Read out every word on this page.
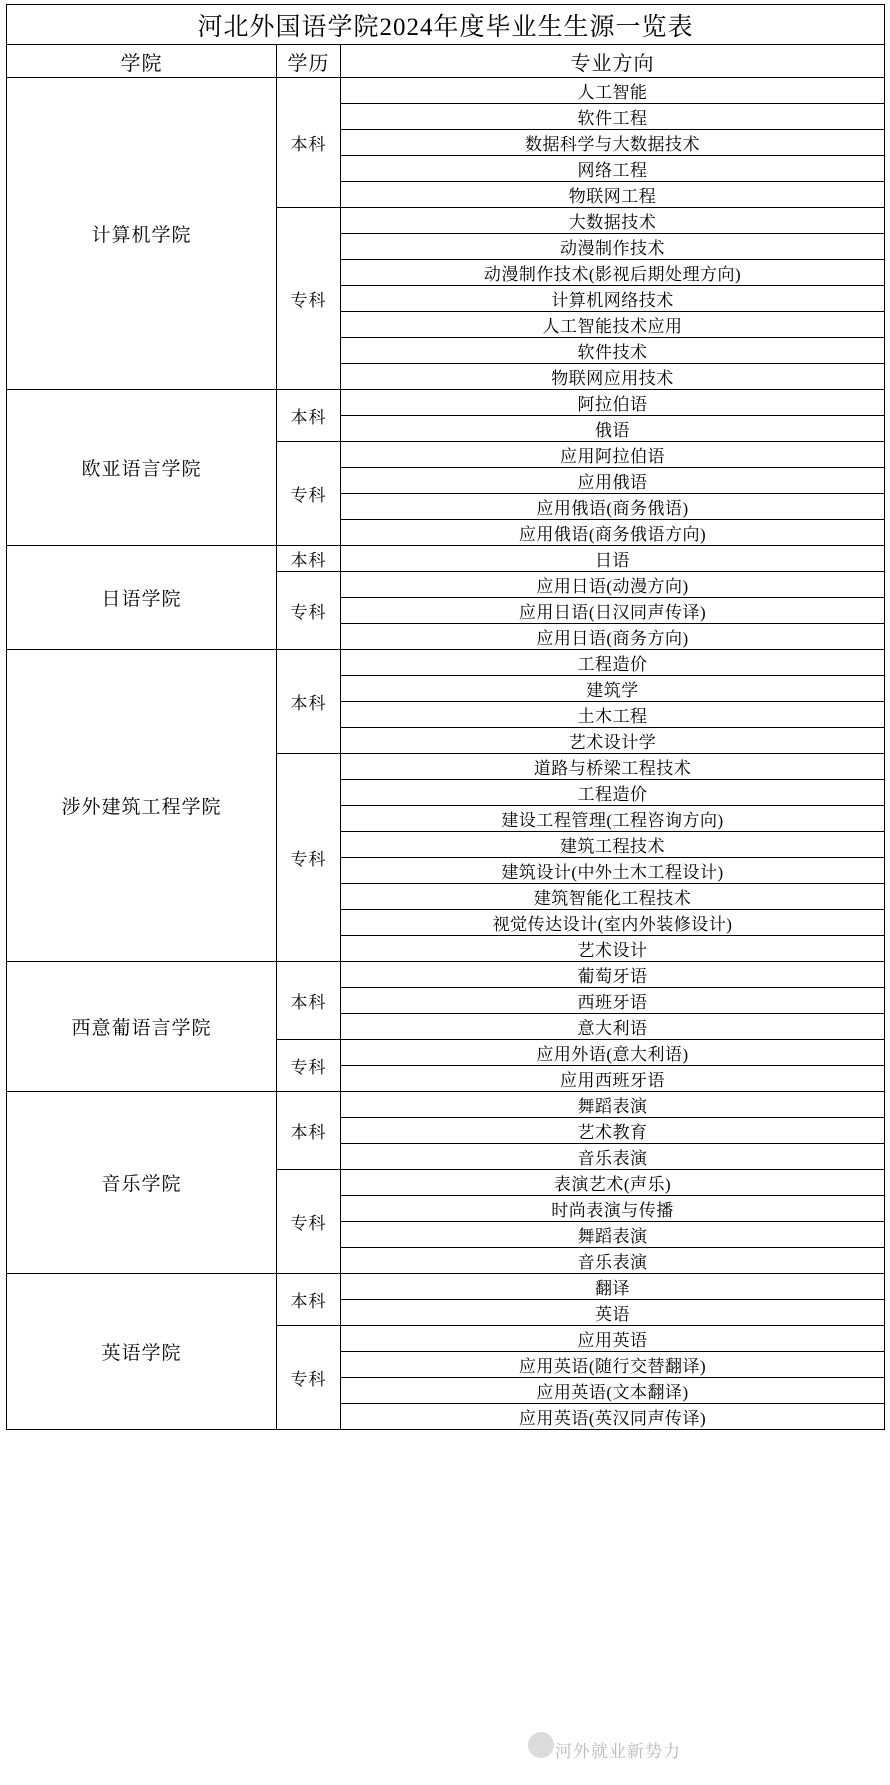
河北外国语学院2024年度毕业生生源一览表		
学院	学历	专业方向
计算机学院	本科	人工智能
		软件工程
		数据科学与大数据技术
		网络工程
		物联网工程
	专科	大数据技术
		动漫制作技术
		动漫制作技术(影视后期处理方向)
		计算机网络技术
		人工智能技术应用
		软件技术
		物联网应用技术
欧亚语言学院	本科	阿拉伯语
		俄语
	专科	应用阿拉伯语
		应用俄语
		应用俄语(商务俄语)
		应用俄语(商务俄语方向)
日语学院	本科	日语
	专科	应用日语(动漫方向)
		应用日语(日汉同声传译)
		应用日语(商务方向)
涉外建筑工程学院	本科	工程造价
		建筑学
		土木工程
		艺术设计学
	专科	道路与桥梁工程技术
		工程造价
		建设工程管理(工程咨询方向)
		建筑工程技术
		建筑设计(中外土木工程设计)
		建筑智能化工程技术
		视觉传达设计(室内外装修设计)
		艺术设计
西意葡语言学院	本科	葡萄牙语
		西班牙语
		意大利语
	专科	应用外语(意大利语)
		应用西班牙语
音乐学院	本科	舞蹈表演
		艺术教育
		音乐表演
	专科	表演艺术(声乐)
		时尚表演与传播
		舞蹈表演
		音乐表演
英语学院	本科	翻译
		英语
	专科	应用英语
		应用英语(随行交替翻译)
		应用英语(文本翻译)
		应用英语(英汉同声传译)
河外就业新势力
